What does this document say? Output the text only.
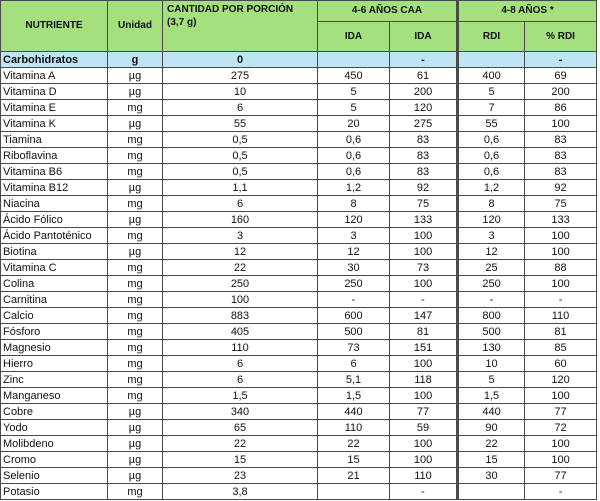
NUTRIENTE	Unidad	CANTIDAD POR PORCIÓN (3,7 g)	4-6 AÑOS CAA		4-8 AÑOS *	
			IDA	IDA	RDI	% RDI
Carbohidratos	g	0		-		-
Vitamina A	µg	275	450	61	400	69
Vitamina D	µg	10	5	200	5	200
Vitamina E	mg	6	5	120	7	86
Vitamina K	µg	55	20	275	55	100
Tiamina	mg	0,5	0,6	83	0,6	83
Riboflavina	mg	0,5	0,6	83	0,6	83
Vitamina B6	mg	0,5	0,6	83	0,6	83
Vitamina B12	µg	1,1	1,2	92	1,2	92
Niacina	mg	6	8	75	8	75
Ácido Fólico	µg	160	120	133	120	133
Ácido Pantoténico	mg	3	3	100	3	100
Biotina	µg	12	12	100	12	100
Vitamina C	mg	22	30	73	25	88
Colina	mg	250	250	100	250	100
Carnitina	mg	100	-	-	-	-
Calcio	mg	883	600	147	800	110
Fósforo	mg	405	500	81	500	81
Magnesio	mg	110	73	151	130	85
Hierro	mg	6	6	100	10	60
Zinc	mg	6	5,1	118	5	120
Manganeso	mg	1,5	1,5	100	1,5	100
Cobre	µg	340	440	77	440	77
Yodo	µg	65	110	59	90	72
Molibdeno	µg	22	22	100	22	100
Cromo	µg	15	15	100	15	100
Selenio	µg	23	21	110	30	77
Potasio	mg	3,8		-		-
